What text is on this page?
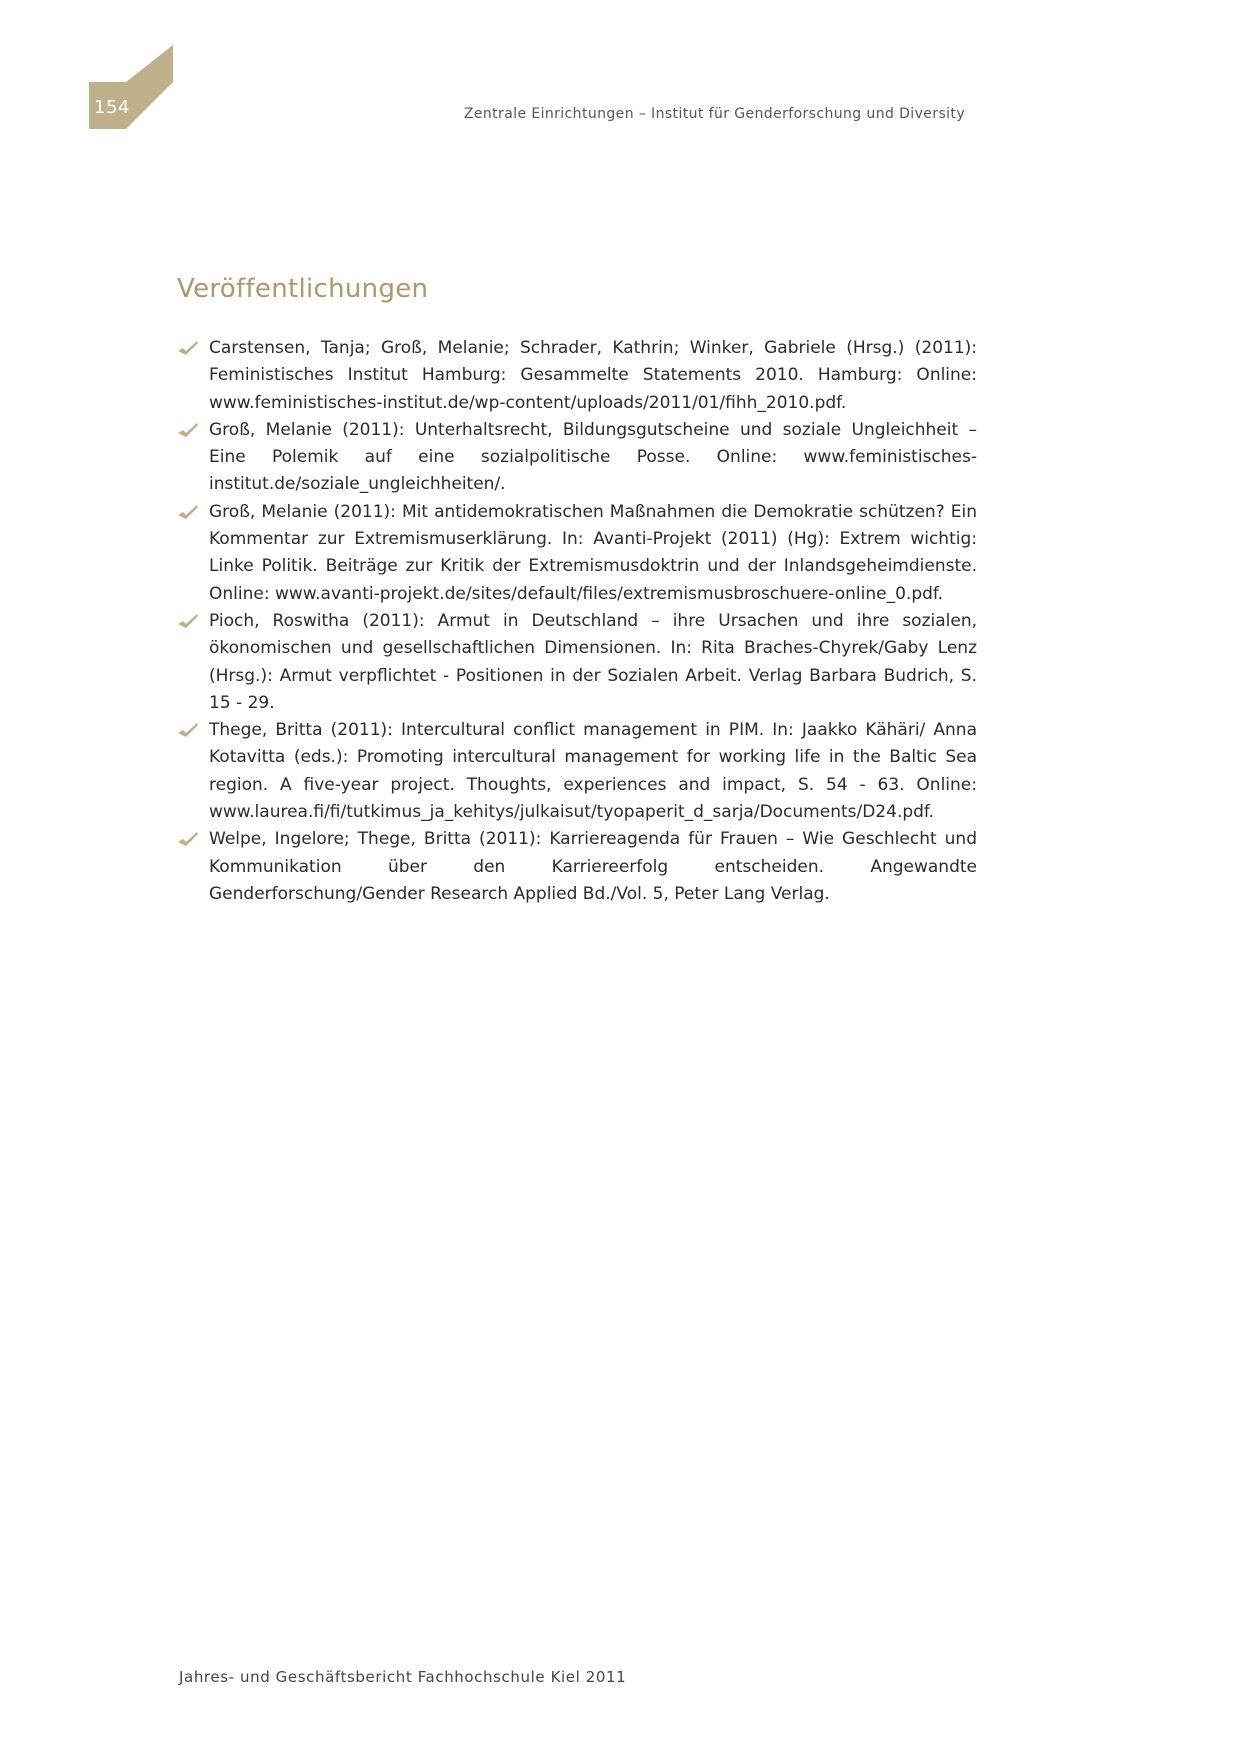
154	Zentrale Einrichtungen – Institut für Genderforschung und Diversity
Veröffentlichungen
Carstensen, Tanja; Groß, Melanie; Schrader, Kathrin; Winker, Gabriele (Hrsg.) (2011): Feministisches Institut Hamburg: Gesammelte Statements 2010. Hamburg: Online: www.feministisches-institut.de/wp-content/uploads/2011/01/fihh_2010.pdf.
Groß, Melanie (2011): Unterhaltsrecht, Bildungsgutscheine und soziale Ungleichheit – Eine Polemik auf eine sozialpolitische Posse. Online: www.feministisches-institut.de/soziale_ungleichheiten/.
Groß, Melanie (2011): Mit antidemokratischen Maßnahmen die Demokratie schützen? Ein Kommentar zur Extremismuserklärung. In: Avanti-Projekt (2011) (Hg): Extrem wichtig: Linke Politik. Beiträge zur Kritik der Extremismusdoktrin und der Inlandsgeheimdienste. Online: www.avanti-projekt.de/sites/default/files/extremismusbroschuere-online_0.pdf.
Pioch, Roswitha (2011): Armut in Deutschland – ihre Ursachen und ihre sozialen, ökonomischen und gesellschaftlichen Dimensionen. In: Rita Braches-Chyrek/Gaby Lenz (Hrsg.): Armut verpflichtet - Positionen in der Sozialen Arbeit. Verlag Barbara Budrich, S. 15 - 29.
Thege, Britta (2011): Intercultural conflict management in PIM. In: Jaakko Kähäri/ Anna Kotavitta (eds.): Promoting intercultural management for working life in the Baltic Sea region. A five-year project. Thoughts, experiences and impact, S. 54 - 63. Online: www.laurea.fi/fi/tutkimus_ja_kehitys/julkaisut/tyopaperit_d_sarja/Documents/D24.pdf.
Welpe, Ingelore; Thege, Britta (2011): Karriereagenda für Frauen – Wie Geschlecht und Kommunikation über den Karriereerfolg entscheiden. Angewandte Genderforschung/Gender Research Applied Bd./Vol. 5, Peter Lang Verlag.
Jahres- und Geschäftsbericht Fachhochschule Kiel 2011
